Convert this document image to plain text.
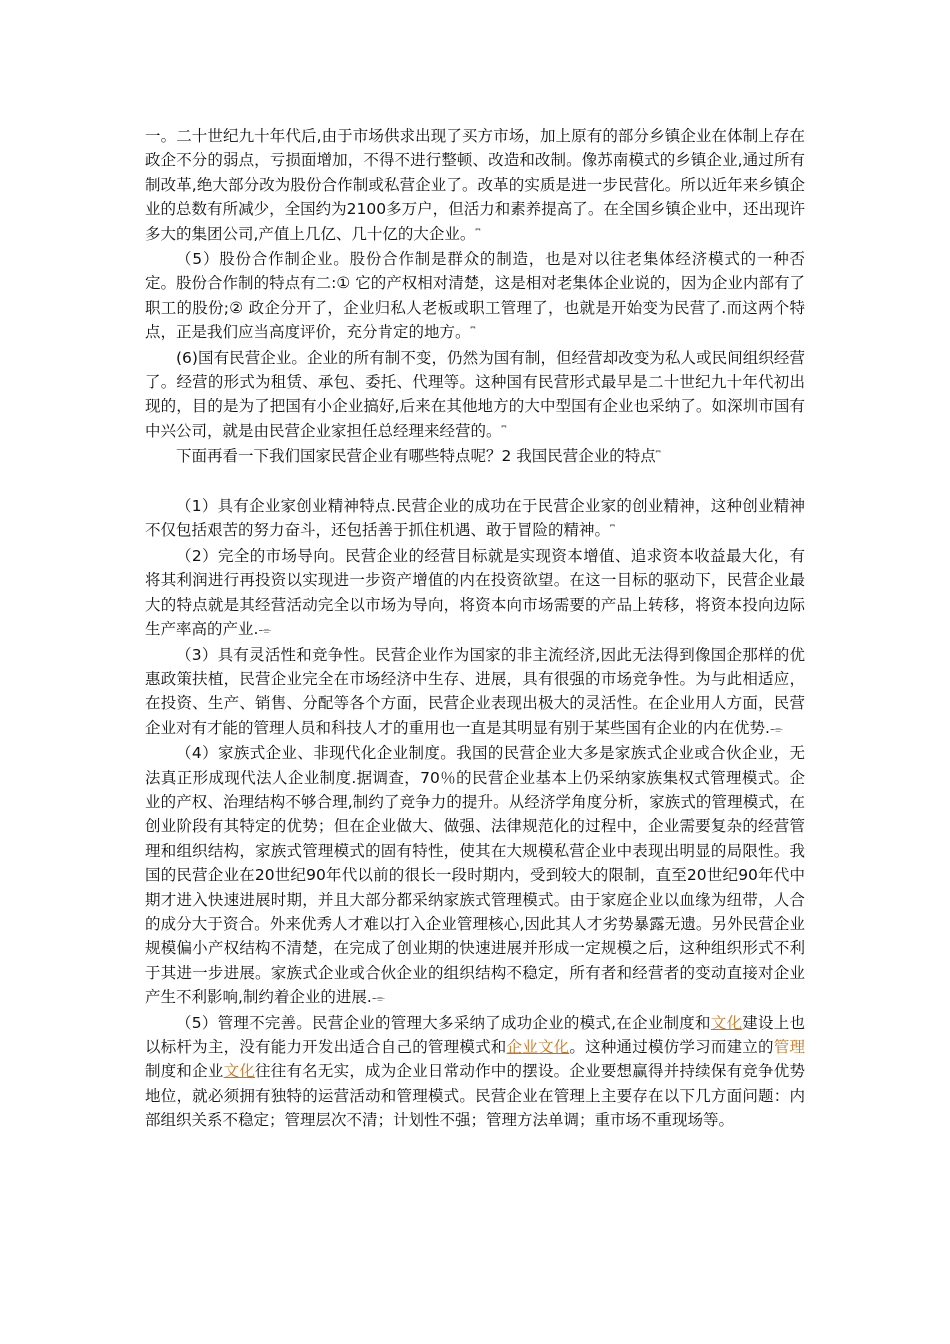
一。二十世纪九十年代后,由于市场供求出现了买方市场，加上原有的部分乡镇企业在体制上存在政企不分的弱点，亏损面增加，不得不进行整顿、改造和改制。像苏南模式的乡镇企业,通过所有制改革,绝大部分改为股份合作制或私营企业了。改革的实质是进一步民营化。所以近年来乡镇企业的总数有所减少，全国约为2100多万户，但活力和素养提高了。在全国乡镇企业中，还出现许多大的集团公司,产值上几亿、几十亿的大企业。⎴

（5）股份合作制企业。股份合作制是群众的制造，也是对以往老集体经济模式的一种否定。股份合作制的特点有二:① 它的产权相对清楚，这是相对老集体企业说的，因为企业内部有了职工的股份;② 政企分开了，企业归私人老板或职工管理了，也就是开始变为民营了.而这两个特点，正是我们应当高度评价，充分肯定的地方。⎴

(6)国有民营企业。企业的所有制不变，仍然为国有制，但经营却改变为私人或民间组织经营了。经营的形式为租赁、承包、委托、代理等。这种国有民营形式最早是二十世纪九十年代初出现的，目的是为了把国有小企业搞好,后来在其他地方的大中型国有企业也采纳了。如深圳市国有中兴公司，就是由民营企业家担任总经理来经营的。⎴

下面再看一下我们国家民营企业有哪些特点呢？2 我国民营企业的特点⎴

（1）具有企业家创业精神特点.民营企业的成功在于民营企业家的创业精神，这种创业精神不仅包括艰苦的努力奋斗，还包括善于抓住机遇、敢于冒险的精神。⎴

（2）完全的市场导向。民营企业的经营目标就是实现资本增值、追求资本收益最大化，有将其利润进行再投资以实现进一步资产增值的内在投资欲望。在这一目标的驱动下，民营企业最大的特点就是其经营活动完全以市场为导向，将资本向市场需要的产品上转移，将资本投向边际生产率高的产业.-⌯

（3）具有灵活性和竞争性。民营企业作为国家的非主流经济,因此无法得到像国企那样的优惠政策扶植，民营企业完全在市场经济中生存、进展，具有很强的市场竞争性。为与此相适应，在投资、生产、销售、分配等各个方面，民营企业表现出极大的灵活性。在企业用人方面，民营企业对有才能的管理人员和科技人才的重用也一直是其明显有别于某些国有企业的内在优势.-⌯

（4）家族式企业、非现代化企业制度。我国的民营企业大多是家族式企业或合伙企业，无法真正形成现代法人企业制度.据调查，70％的民营企业基本上仍采纳家族集权式管理模式。企业的产权、治理结构不够合理,制约了竞争力的提升。从经济学角度分析，家族式的管理模式，在创业阶段有其特定的优势；但在企业做大、做强、法律规范化的过程中，企业需要复杂的经营管理和组织结构，家族式管理模式的固有特性，使其在大规模私营企业中表现出明显的局限性。我国的民营企业在20世纪90年代以前的很长一段时期内，受到较大的限制，直至20世纪90年代中期才进入快速进展时期，并且大部分都采纳家族式管理模式。由于家庭企业以血缘为纽带，人合的成分大于资合。外来优秀人才难以打入企业管理核心,因此其人才劣势暴露无遗。另外民营企业规模偏小产权结构不清楚，在完成了创业期的快速进展并形成一定规模之后，这种组织形式不利于其进一步进展。家族式企业或合伙企业的组织结构不稳定，所有者和经营者的变动直接对企业产生不利影响,制约着企业的进展.-⌯

（5）管理不完善。民营企业的管理大多采纳了成功企业的模式,在企业制度和文化建设上也以标杆为主，没有能力开发出适合自己的管理模式和企业文化。这种通过模仿学习而建立的管理制度和企业文化往往有名无实，成为企业日常动作中的摆设。企业要想赢得并持续保有竞争优势地位，就必须拥有独特的运营活动和管理模式。民营企业在管理上主要存在以下几方面问题：内部组织关系不稳定；管理层次不清；计划性不强；管理方法单调；重市场不重现场等。
